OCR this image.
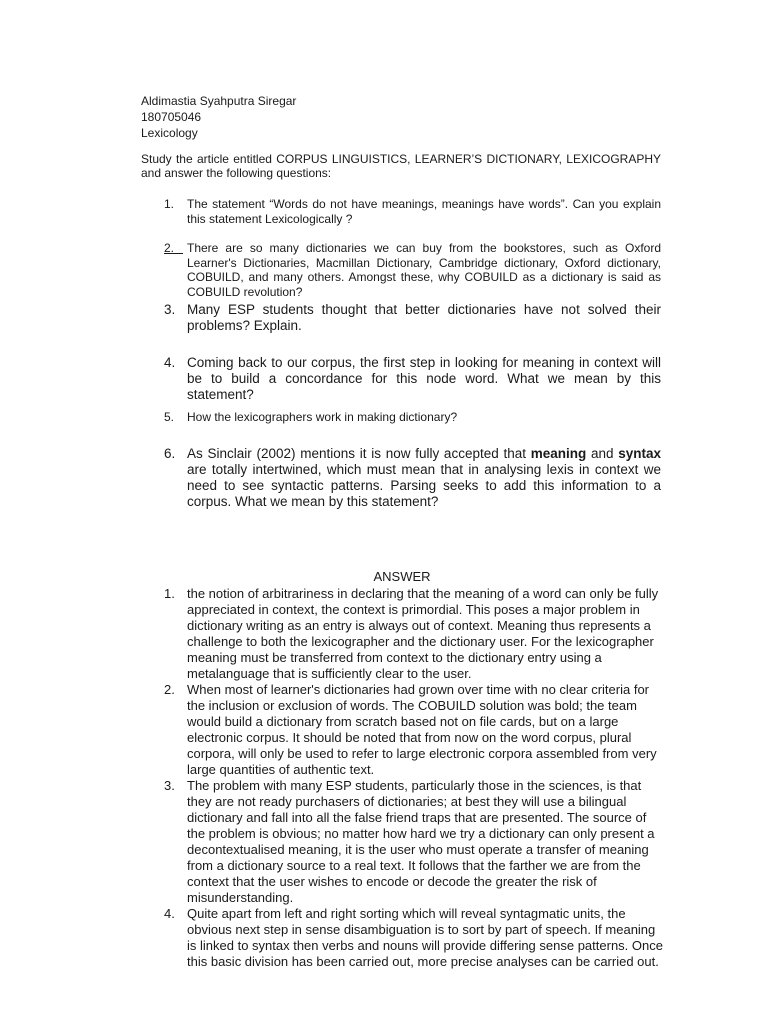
Aldimastia Syahputra Siregar
180705046
Lexicology
Study the article entitled CORPUS LINGUISTICS, LEARNER’S DICTIONARY, LEXICOGRAPHY and answer the following questions:
1.	The statement “Words do not have meanings, meanings have words”. Can you explain this statement Lexicologically ?
2.	There are so many dictionaries we can buy from the bookstores, such as Oxford Learner's Dictionaries, Macmillan Dictionary, Cambridge dictionary, Oxford dictionary, COBUILD, and many others. Amongst these, why COBUILD as a dictionary is said as COBUILD revolution?
3. Many ESP students thought that better dictionaries have not solved their problems? Explain.
4. Coming back to our corpus, the first step in looking for meaning in context will be to build a concordance for this node word. What we mean by this statement?
5.	How the lexicographers work in making dictionary?
6. As Sinclair (2002) mentions it is now fully accepted that meaning and syntax are totally intertwined, which must mean that in analysing lexis in context we need to see syntactic patterns. Parsing seeks to add this information to a corpus. What we mean by this statement?
ANSWER
1. the notion of arbitrariness in declaring that the meaning of a word can only be fully appreciated in context, the context is primordial. This poses a major problem in dictionary writing as an entry is always out of context. Meaning thus represents a challenge to both the lexicographer and the dictionary user. For the lexicographer meaning must be transferred from context to the dictionary entry using a metalanguage that is sufficiently clear to the user.
2. When most of learner's dictionaries had grown over time with no clear criteria for the inclusion or exclusion of words. The COBUILD solution was bold; the team would build a dictionary from scratch based not on file cards, but on a large electronic corpus. It should be noted that from now on the word corpus, plural corpora, will only be used to refer to large electronic corpora assembled from very large quantities of authentic text.
3. The problem with many ESP students, particularly those in the sciences, is that they are not ready purchasers of dictionaries; at best they will use a bilingual dictionary and fall into all the false friend traps that are presented. The source of the problem is obvious; no matter how hard we try a dictionary can only present a decontextualised meaning, it is the user who must operate a transfer of meaning from a dictionary source to a real text. It follows that the farther we are from the context that the user wishes to encode or decode the greater the risk of misunderstanding.
4. Quite apart from left and right sorting which will reveal syntagmatic units, the obvious next step in sense disambiguation is to sort by part of speech. If meaning is linked to syntax then verbs and nouns will provide differing sense patterns. Once this basic division has been carried out, more precise analyses can be carried out.
